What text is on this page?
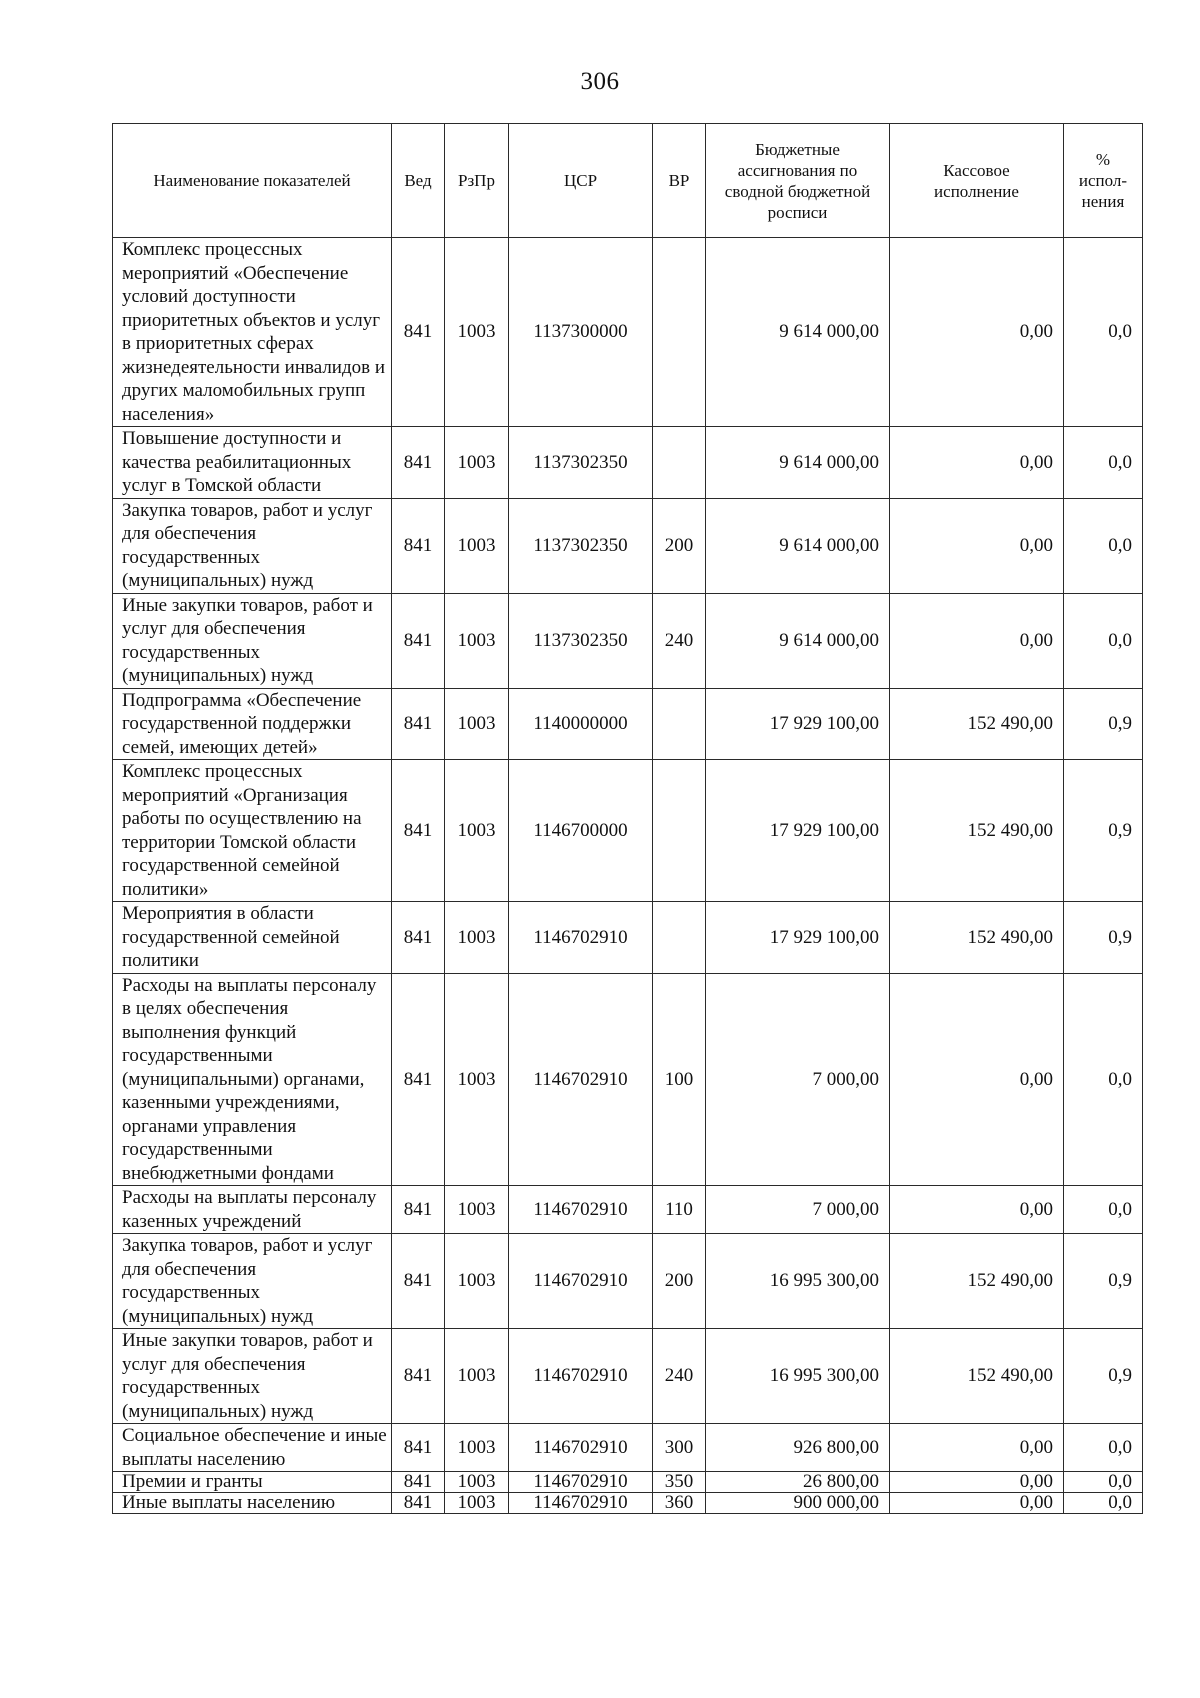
306
Наименование показателей	Вед	РзПр	ЦСР	ВР	Бюджетные ассигнования по сводной бюджетной росписи	Кассовое исполнение	% испол-нения
Комплекс процессных мероприятий «Обеспечение условий доступности приоритетных объектов и услуг в приоритетных сферах жизнедеятельности инвалидов и других маломобильных групп населения»	841	1003	1137300000		9 614 000,00	0,00	0,0
Повышение доступности и качества реабилитационных услуг в Томской области	841	1003	1137302350		9 614 000,00	0,00	0,0
Закупка товаров, работ и услуг для обеспечения государственных (муниципальных) нужд	841	1003	1137302350	200	9 614 000,00	0,00	0,0
Иные закупки товаров, работ и услуг для обеспечения государственных (муниципальных) нужд	841	1003	1137302350	240	9 614 000,00	0,00	0,0
Подпрограмма «Обеспечение государственной поддержки семей, имеющих детей»	841	1003	1140000000		17 929 100,00	152 490,00	0,9
Комплекс процессных мероприятий «Организация работы по осуществлению на территории Томской области государственной семейной политики»	841	1003	1146700000		17 929 100,00	152 490,00	0,9
Мероприятия в области государственной семейной политики	841	1003	1146702910		17 929 100,00	152 490,00	0,9
Расходы на выплаты персоналу в целях обеспечения выполнения функций государственными (муниципальными) органами, казенными учреждениями, органами управления государственными внебюджетными фондами	841	1003	1146702910	100	7 000,00	0,00	0,0
Расходы на выплаты персоналу казенных учреждений	841	1003	1146702910	110	7 000,00	0,00	0,0
Закупка товаров, работ и услуг для обеспечения государственных (муниципальных) нужд	841	1003	1146702910	200	16 995 300,00	152 490,00	0,9
Иные закупки товаров, работ и услуг для обеспечения государственных (муниципальных) нужд	841	1003	1146702910	240	16 995 300,00	152 490,00	0,9
Социальное обеспечение и иные выплаты населению	841	1003	1146702910	300	926 800,00	0,00	0,0
Премии и гранты	841	1003	1146702910	350	26 800,00	0,00	0,0
Иные выплаты населению	841	1003	1146702910	360	900 000,00	0,00	0,0
